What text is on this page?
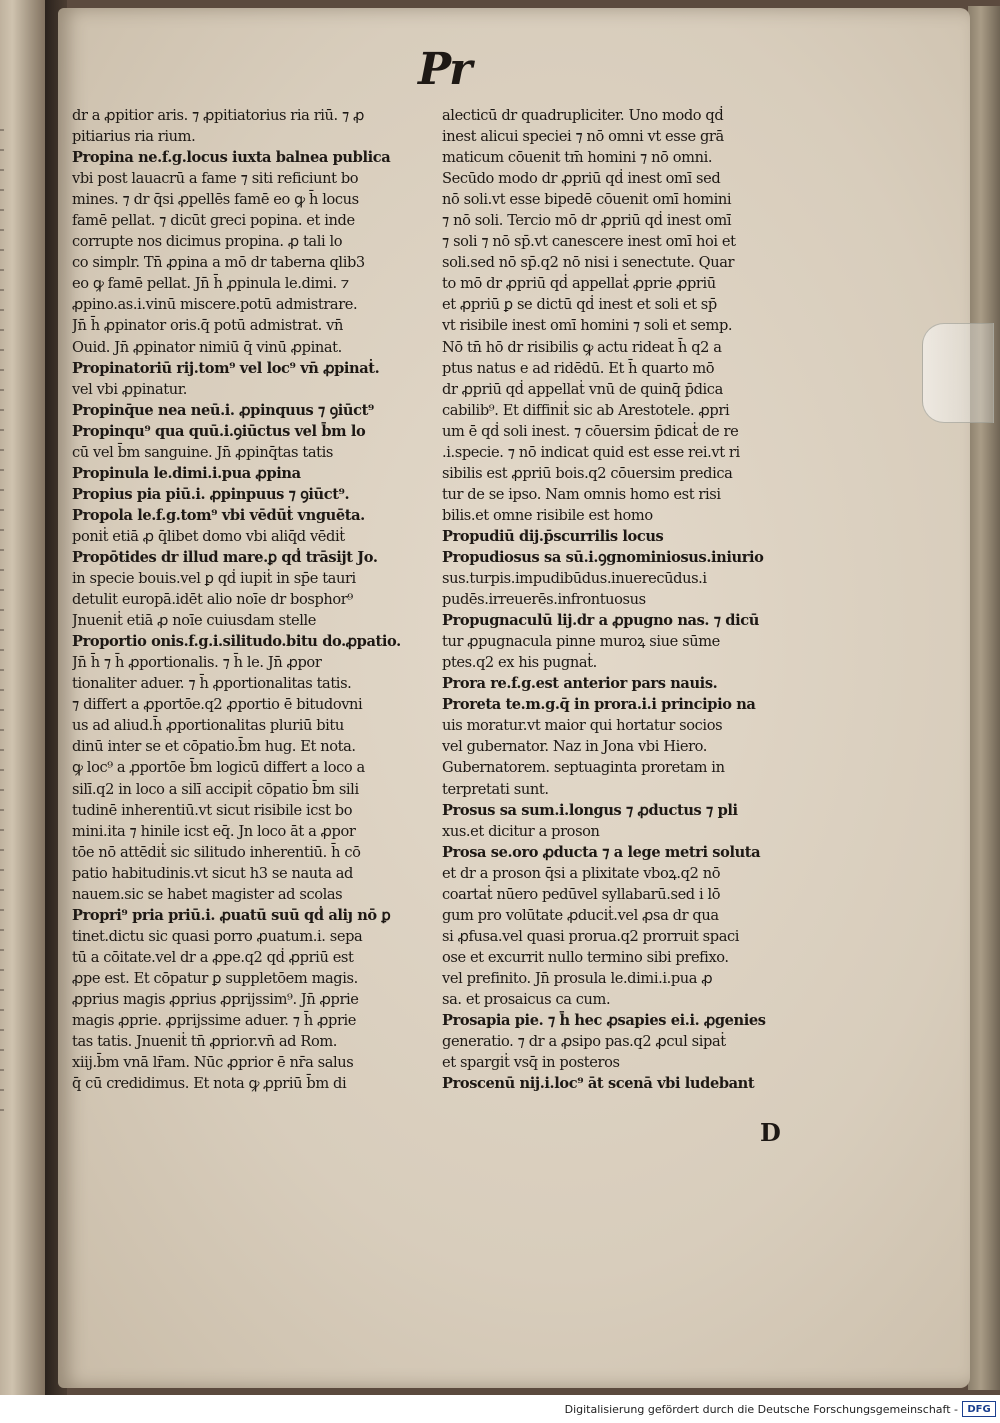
Pr
dr a ꝓpitior aris. ⁊ ꝓpitiatorius ria riū. ⁊ ꝓ
pitiarius ria rium.
Propina ne.f.g.locus iuxta balnea publica
vbi post lauacrū a fame ⁊ siti reficiunt bo
mines. ⁊ dr q̄si ꝓpellēs famē eo ꝙ h̄ locus
famē pellat. ⁊ dicūt greci popina. et inde
corrupte nos dicimus propina. ꝓ tali lo
co simplr. Tn̄ ꝓpina a mō dr taberna qlib3
eo ꝙ famē pellat. Jn̄ h̄ ꝓpinula le.dimi. ⁊
ꝓpino.as.i.vinū miscere.potū admistrare.
Jn̄ h̄ ꝓpinator oris.q̄ potū admistrat. vn̄
Ouid. Jn̄ ꝓpinator nimiū q̄ vinū ꝓpinat.
Propinatoriū rij.tom⁹ vel loc⁹ vn̄ ꝓpinaṫ.
vel vbi ꝓpinatur.
Propinq̄ue nea neū.i. ꝓpinquus ⁊ ꝯiūct⁹
Propinqu⁹ qua quū.i.ꝯiūctus vel b̄m lo
cū vel b̄m sanguine. Jn̄ ꝓpinq̄tas tatis
Propinula le.dimi.i.pua ꝓpina
Propius pia piū.i. ꝓpinpuus ⁊ ꝯiūct⁹.
Propola le.f.g.tom⁹ vbi vēdūṫ vnguēta.
poniṫ etiā ꝓ q̄libet domo vbi aliq̄d vēdiṫ
Propōtides dr illud mare.ꝑ qḋ trāsijt Jo.
in specie bouis.vel ꝑ qḋ iupiṫ in sp̄e tauri
detulit europā.idēt alio noīe dr bosphor⁹
Jnueniṫ etiā ꝓ noīe cuiusdam stelle
Proportio onis.f.g.i.silitudo.bitu do.ꝓpatio.
Jn̄ h̄ ⁊ h̄ ꝓportionalis. ⁊ h̄ le. Jn̄ ꝓpor
tionaliter aduer. ⁊ h̄ ꝓportionalitas tatis.
⁊ differt a ꝓportōe.q2 ꝓportio ē bitudovni
us ad aliud.h̄ ꝓportionalitas pluriū bitu
dinū inter se et cōpatio.b̄m hug. Et nota.
ꝙ loc⁹ a ꝓportōe b̄m logicū differt a loco a
silī.q2 in loco a silī accipiṫ cōpatio b̄m sili
tudinē inherentiū.vt sicut risibile icst bo
mini.ita ⁊ hinile icst eq̄. Jn loco āt a ꝓpor
tōe nō attēdiṫ sic silitudo inherentiū. h̄ cō
patio habitudinis.vt sicut h3 se nauta ad
nauem.sic se habet magister ad scolas
Propri⁹ pria priū.i. ꝓuatū suū qḋ aliȷ nō ꝑ
tinet.dictu sic quasi porro ꝓuatum.i. sepa
tū a cōitate.vel dr a ꝓpe.q2 qḋ ꝓpriū est
ꝓpe est. Et cōpatur ꝑ suppletōem magis.
ꝓprius magis ꝓprius ꝓprijssim⁹. Jn̄ ꝓprie
magis ꝓprie. ꝓprijssime aduer. ⁊ h̄ ꝓprie
tas tatis. Jnueniṫ tn̄ ꝓprior.vn̄ ad Rom.
xiij.b̄m vnā lr̄am. Nūc ꝓprior ē nr̄a salus
q̄ cū credidimus. Et nota ꝙ ꝓpriū b̄m di
alecticū dr quadrupliciter. Uno modo qḋ
inest alicui speciei ⁊ nō omni vt esse grā
maticum cōuenit tm̄ homini ⁊ nō omni.
Secūdo modo dr ꝓpriū qḋ inest omī sed
nō soli.vt esse bipedē cōuenit omī homini
⁊ nō soli. Tercio mō dr ꝓpriū qḋ inest omī
⁊ soli ⁊ nō sp̄.vt canescere inest omī hoi et
soli.sed nō sp̄.q2 nō nisi i senectute. Quar
to mō dr ꝓpriū qḋ appellaṫ ꝓprie ꝓpriū
et ꝓpriū ꝑ se dictū qḋ inest et soli et sp̄
vt risibile inest omī homini ⁊ soli et semp.
Nō tn̄ hō dr risibilis ꝙ actu rideat h̄ q2 a
ptus natus e ad ridēdū. Et h̄ quarto mō
dr ꝓpriū qḋ appellaṫ vnū de quinq̄ p̄dica
cabilib⁹. Et diffiniṫ sic ab Arestotele. ꝓpri
um ē qḋ soli inest. ⁊ cōuersim p̄dicaṫ de re
.i.specie. ⁊ nō indicat quid est esse rei.vt ri
sibilis est ꝓpriū bois.q2 cōuersim predica
tur de se ipso. Nam omnis homo est risi
bilis.et omne risibile est homo
Propudiū dij.p̄scurrilis locus
Propudiosus sa sū.i.ꝯgnominiosus.iniurio
sus.turpis.impudibūdus.inuerecūdus.i
pudēs.irreuerēs.infrontuosus
Propugnaculū lij.dr a ꝓpugno nas. ⁊ dicū
tur ꝓpugnacula pinne muroꝝ siue sūme
ptes.q2 ex his pugnaṫ.
Prora re.f.g.est anterior pars nauis.
Proreta te.m.g.q̄ in prora.i.i principio na
uis moratur.vt maior qui hortatur socios
vel gubernator. Naz in Jona vbi Hiero.
Gubernatorem. septuaginta proretam in
terpretati sunt.
Prosus sa sum.i.longus ⁊ ꝓductus ⁊ pli
xus.et dicitur a proson
Prosa se.oro ꝓducta ⁊ a lege metri soluta
et dr a proson q̄si a plixitate vboꝝ.q2 nō
coartaṫ nūero pedūvel syllabarū.sed i lō
gum pro volūtate ꝓduciṫ.vel ꝓsa dr qua
si ꝓfusa.vel quasi prorua.q2 prorruit spaci
ose et excurrit nullo termino sibi prefixo.
vel prefinito. Jn̄ prosula le.dimi.i.pua ꝓ
sa. et prosaicus ca cum.
Prosapia pie. ⁊ h̄ hec ꝓsapies ei.i. ꝓgenies
generatio. ⁊ dr a ꝓsipo pas.q2 ꝓcul sipaṫ
et spargiṫ vsq̄ in posteros
Proscenū nij.i.loc⁹ āt scenā vbi ludebant
D
Digitalisierung gefördert durch die Deutsche Forschungsgemeinschaft - DFG
